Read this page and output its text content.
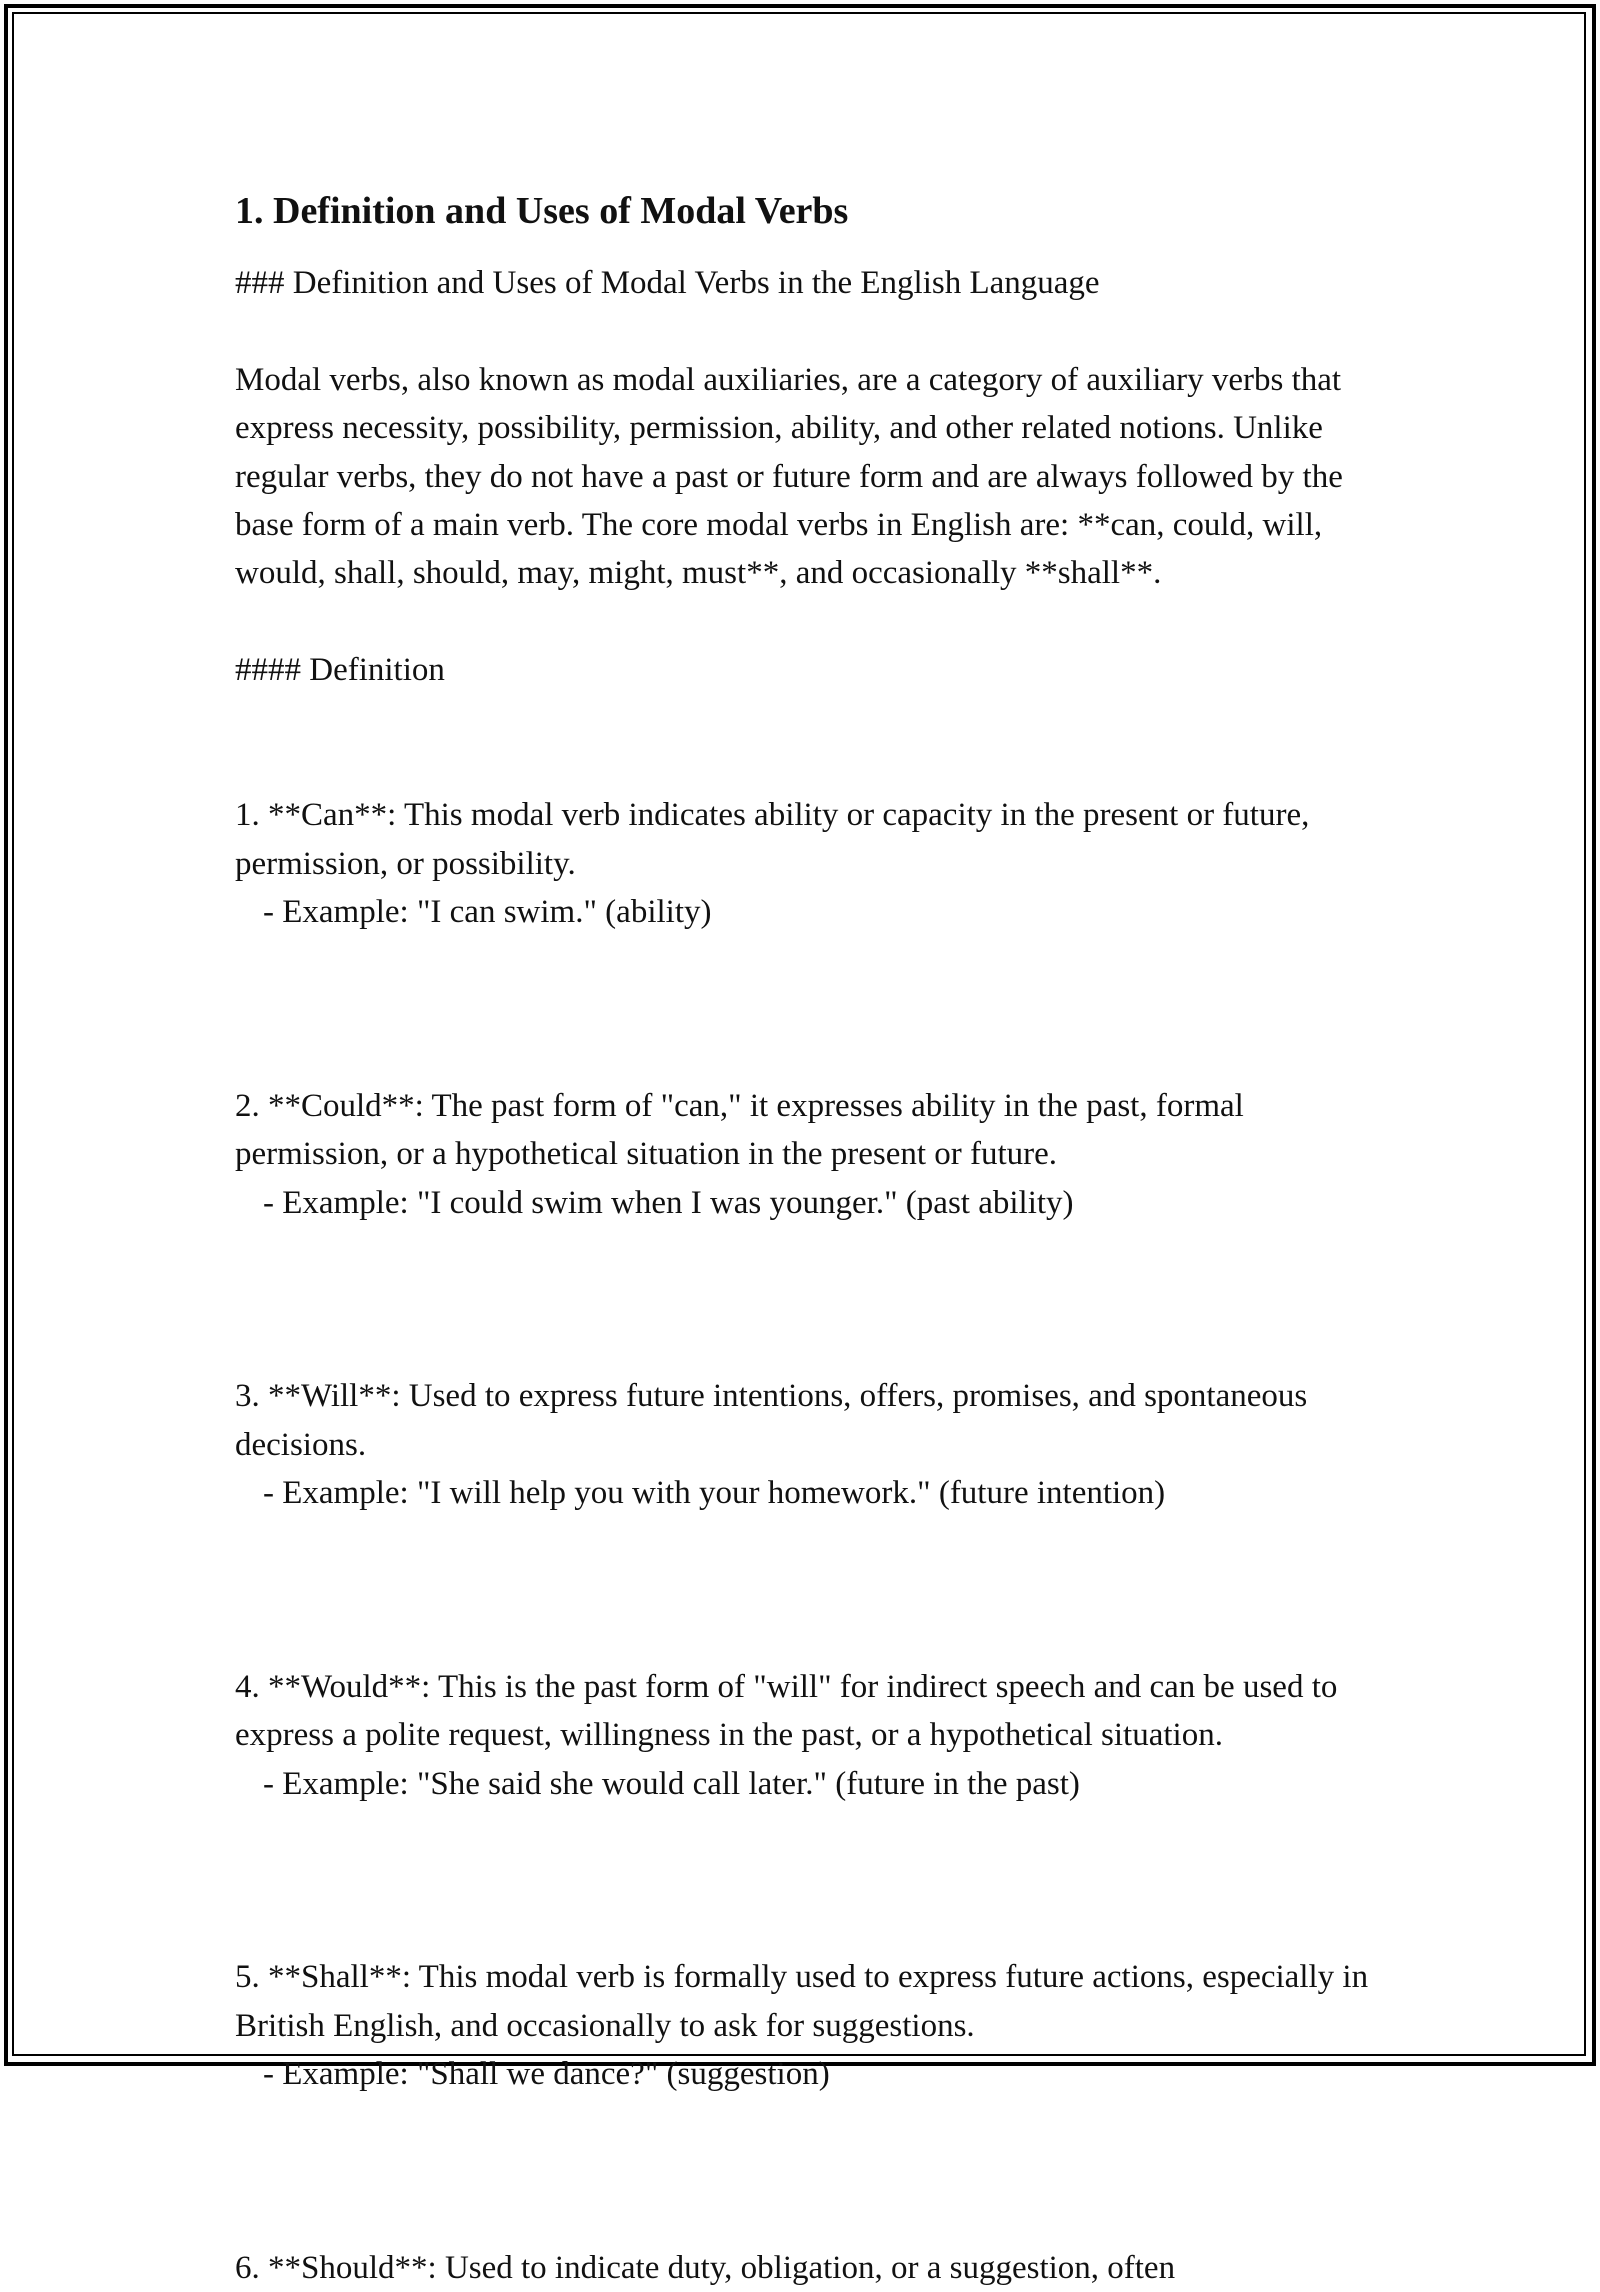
1. Definition and Uses of Modal Verbs

### Definition and Uses of Modal Verbs in the English Language

Modal verbs, also known as modal auxiliaries, are a category of auxiliary verbs that express necessity, possibility, permission, ability, and other related notions. Unlike regular verbs, they do not have a past or future form and are always followed by the base form of a main verb. The core modal verbs in English are: **can, could, will, would, shall, should, may, might, must**, and occasionally **shall**.

#### Definition

1. **Can**: This modal verb indicates ability or capacity in the present or future, permission, or possibility.

- Example: "I can swim." (ability)

2. **Could**: The past form of "can," it expresses ability in the past, formal permission, or a hypothetical situation in the present or future.

- Example: "I could swim when I was younger." (past ability)

3. **Will**: Used to express future intentions, offers, promises, and spontaneous decisions.

- Example: "I will help you with your homework." (future intention)

4. **Would**: This is the past form of "will" for indirect speech and can be used to express a polite request, willingness in the past, or a hypothetical situation.

- Example: "She said she would call later." (future in the past)

5. **Shall**: This modal verb is formally used to express future actions, especially in British English, and occasionally to ask for suggestions.

- Example: "Shall we dance?" (suggestion)

6. **Should**: Used to indicate duty, obligation, or a suggestion, often
